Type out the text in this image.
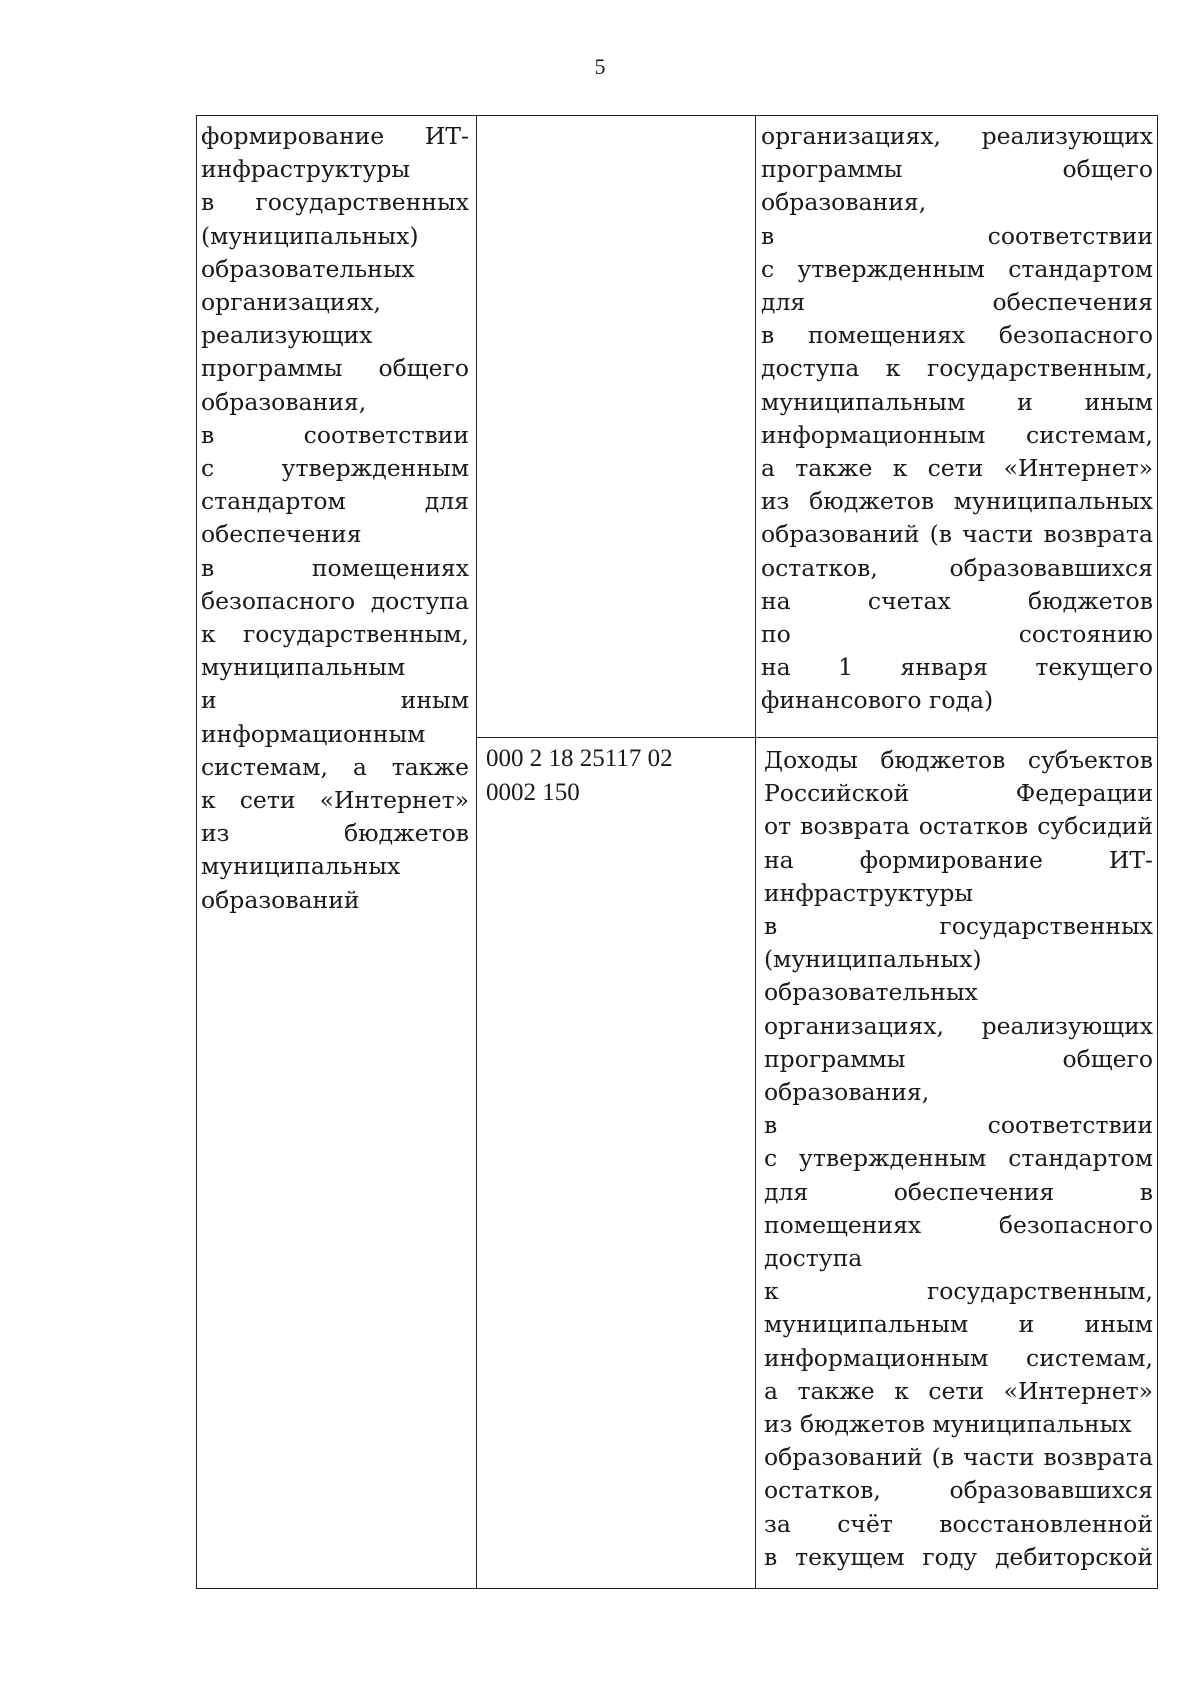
5
формирование ИТ-
инфраструктуры
в государственных
(муниципальных)
образовательных
организациях,
реализующих
программы общего
образования,
в соответствии
с утвержденным
стандартом для
обеспечения
в помещениях
безопасного доступа
к государственным,
муниципальным
и иным
информационным
системам, а также
к сети «Интернет»
из бюджетов
муниципальных
образований
организациях, реализующих
программы общего
образования,
в соответствии
с утвержденным стандартом
для обеспечения
в помещениях безопасного
доступа к государственным,
муниципальным и иным
информационным системам,
а также к сети «Интернет»
из бюджетов муниципальных
образований (в части возврата
остатков, образовавшихся
на счетах бюджетов
по состоянию
на 1 января текущего
финансового года)
000 2 18 25117 02
0002 150
Доходы бюджетов субъектов
Российской Федерации
от возврата остатков субсидий
на формирование ИТ-
инфраструктуры
в государственных
(муниципальных)
образовательных
организациях, реализующих
программы общего
образования,
в соответствии
с утвержденным стандартом
для обеспечения в
помещениях безопасного
доступа
к государственным,
муниципальным и иным
информационным системам,
а также к сети «Интернет»
из бюджетов муниципальных
образований (в части возврата
остатков, образовавшихся
за счёт восстановленной
в текущем году дебиторской
